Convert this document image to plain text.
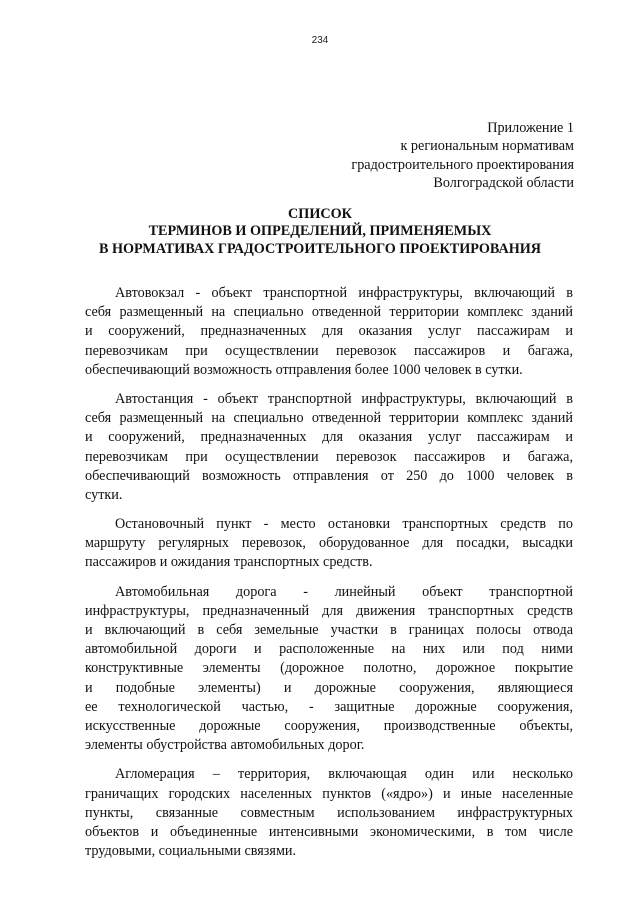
234
Приложение 1
к региональным нормативам
градостроительного проектирования
Волгоградской области
СПИСОК
ТЕРМИНОВ И ОПРЕДЕЛЕНИЙ, ПРИМЕНЯЕМЫХ
В НОРМАТИВАХ ГРАДОСТРОИТЕЛЬНОГО ПРОЕКТИРОВАНИЯ
Автовокзал - объект транспортной инфраструктуры, включающий в
себя размещенный на специально отведенной территории комплекс зданий
и сооружений, предназначенных для оказания услуг пассажирам и
перевозчикам при осуществлении перевозок пассажиров и багажа,
обеспечивающий возможность отправления более 1000 человек в сутки.
Автостанция - объект транспортной инфраструктуры, включающий в
себя размещенный на специально отведенной территории комплекс зданий
и сооружений, предназначенных для оказания услуг пассажирам и
перевозчикам при осуществлении перевозок пассажиров и багажа,
обеспечивающий возможность отправления от 250 до 1000 человек в
сутки.
Остановочный пункт - место остановки транспортных средств по
маршруту регулярных перевозок, оборудованное для посадки, высадки
пассажиров и ожидания транспортных средств.
Автомобильная дорога - линейный объект транспортной
инфраструктуры, предназначенный для движения транспортных средств
и включающий в себя земельные участки в границах полосы отвода
автомобильной дороги и расположенные на них или под ними
конструктивные элементы (дорожное полотно, дорожное покрытие
и подобные элементы) и дорожные сооружения, являющиеся
ее технологической частью, - защитные дорожные сооружения,
искусственные дорожные сооружения, производственные объекты,
элементы обустройства автомобильных дорог.
Агломерация – территория, включающая один или несколько
граничащих городских населенных пунктов («ядро») и иные населенные
пункты, связанные совместным использованием инфраструктурных
объектов и объединенные интенсивными экономическими, в том числе
трудовыми, социальными связями.
